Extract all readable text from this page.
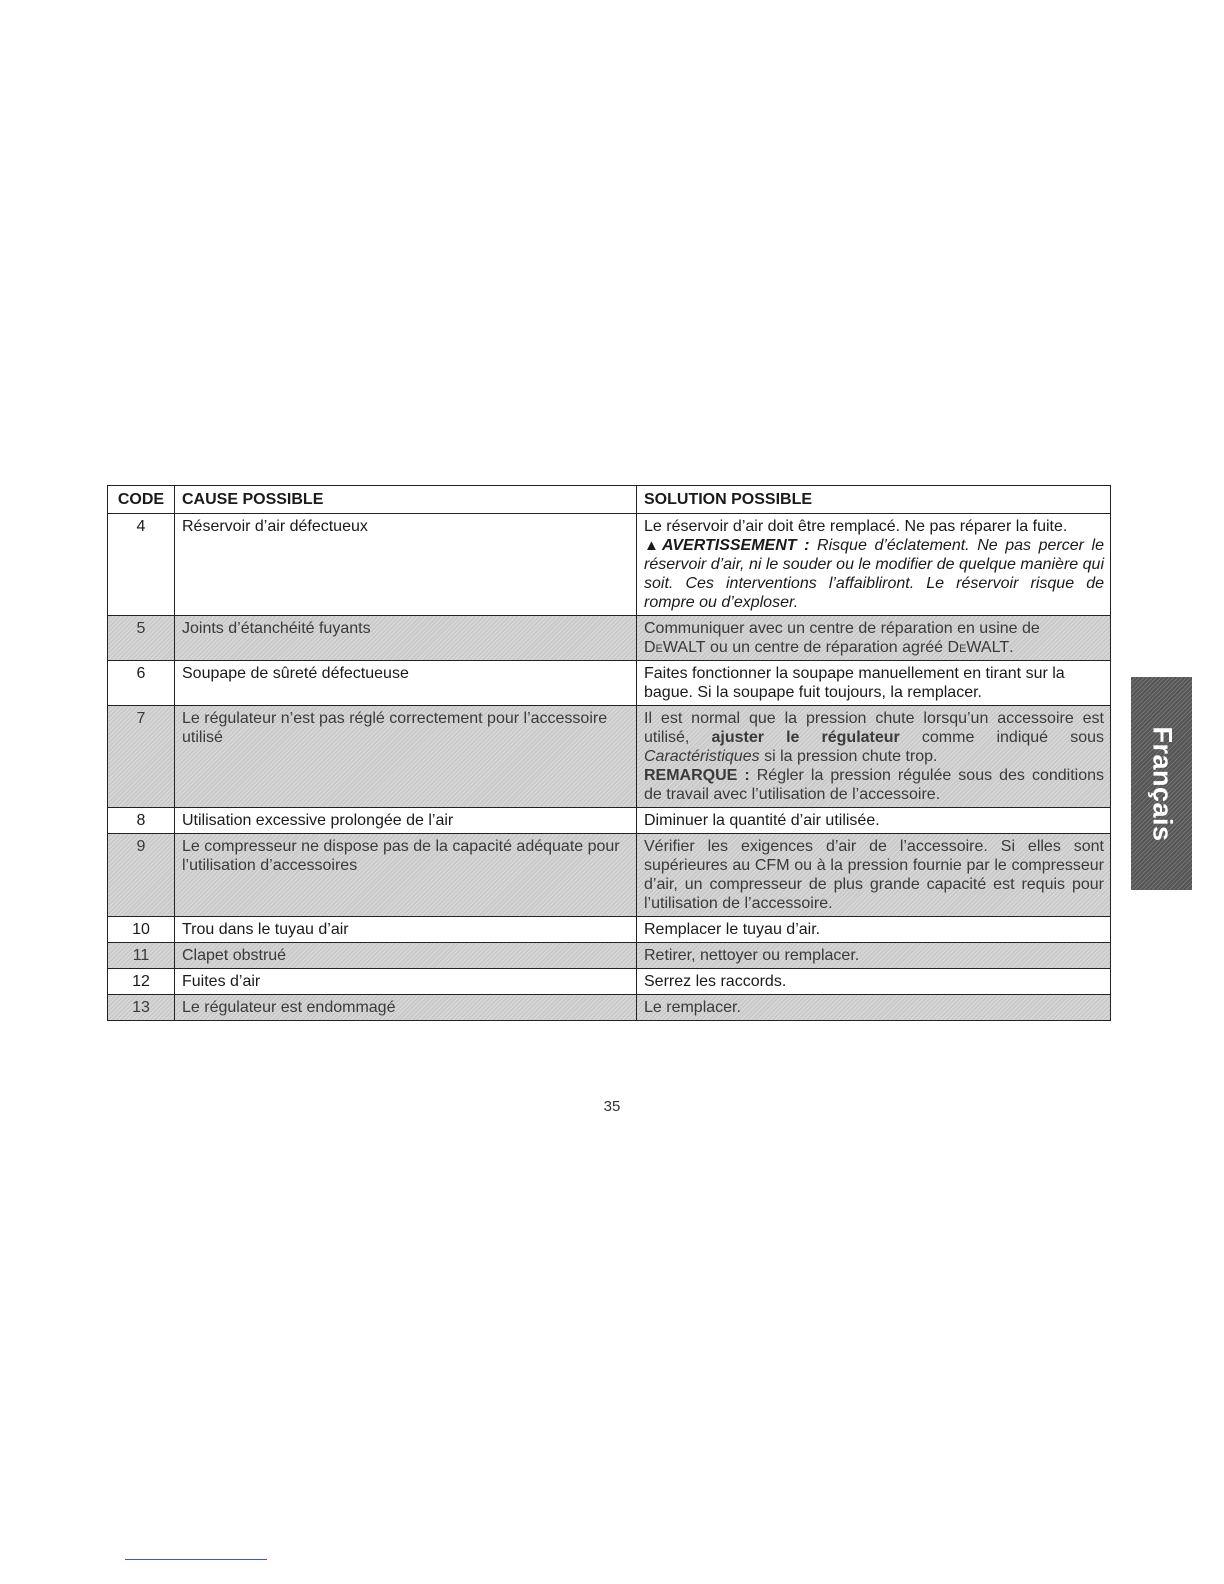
CODE	CAUSE POSSIBLE	SOLUTION POSSIBLE
4	Réservoir d’air défectueux	Le réservoir d’air doit être remplacé. Ne pas réparer la fuite.
▲AVERTISSEMENT : Risque d’éclatement. Ne pas percer le réservoir d’air, ni le souder ou le modifier de quelque manière qui soit. Ces interventions l’affaibliront. Le réservoir risque de rompre ou d’exploser.

5	Joints d’étanchéité fuyants	Communiquer avec un centre de réparation en usine de DeWALT ou un centre de réparation agréé DeWALT.
6	Soupape de sûreté défectueuse	Faites fonctionner la soupape manuellement en tirant sur la bague. Si la soupape fuit toujours, la remplacer.
7	Le régulateur n’est pas réglé correctement pour l’accessoire utilisé	Il est normal que la pression chute lorsqu’un accessoire est utilisé, ajuster le régulateur comme indiqué sous Caractéristiques si la pression chute trop.
REMARQUE : Régler la pression régulée sous des conditions de travail avec l’utilisation de l’accessoire.

8	Utilisation excessive prolongée de l’air	Diminuer la quantité d’air utilisée.
9	Le compresseur ne dispose pas de la capacité adéquate pour l’utilisation d’accessoires	Vérifier les exigences d’air de l’accessoire. Si elles sont supérieures au CFM ou à la pression fournie par le compresseur d’air, un compresseur de plus grande capacité est requis pour l’utilisation de l’accessoire.
10	Trou dans le tuyau d’air	Remplacer le tuyau d’air.
11	Clapet obstrué	Retirer, nettoyer ou remplacer.
12	Fuites d’air	Serrez les raccords.
13	Le régulateur est endommagé	Le remplacer.
Français
35
